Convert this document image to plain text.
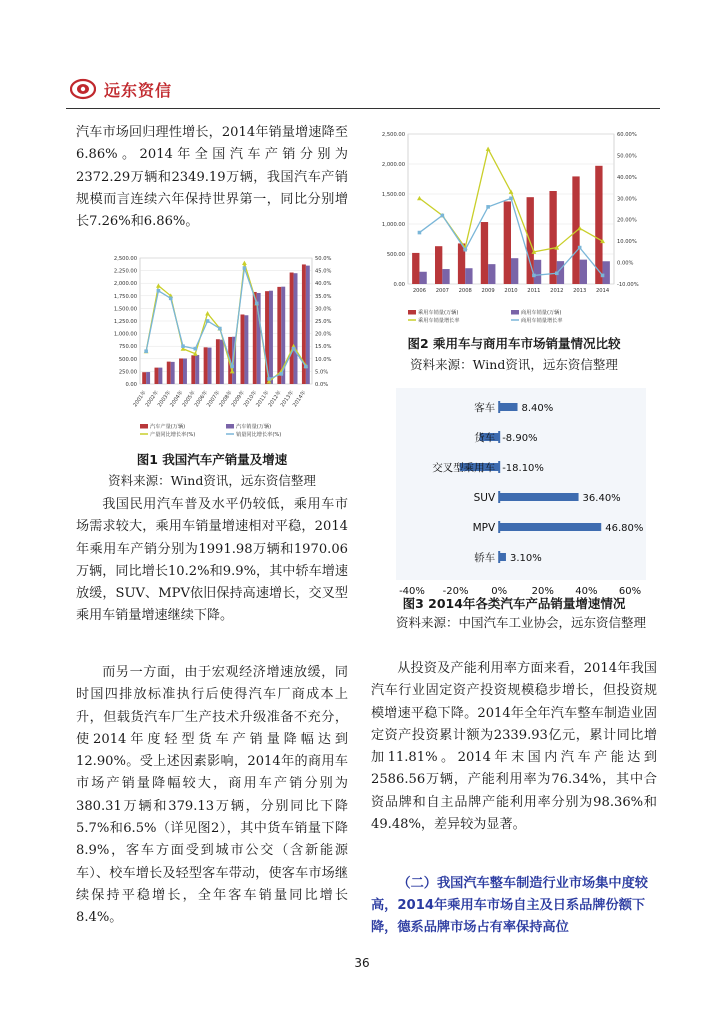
远东资信

汽车市场回归理性增长，2014年销量增速降至6.86%。2014年全国汽车产销分别为2372.29万辆和2349.19万辆，我国汽车产销规模而言连续六年保持世界第一，同比分别增长7.26%和6.86%。

0.00
250.00
500.00
750.00
1,000.00
1,250.00
1,500.00
1,750.00
2,000.00
2,250.00
2,500.00
0.0%
5.0%
10.0%
15.0%
20.0%
25.0%
30.0%
35.0%
40.0%
45.0%
50.0%
2001年
2002年
2003年
2004年
2005年
2006年
2007年
2008年
2009年
2010年
2011年
2012年
2013年
2014年
汽车产量(万辆)	汽车销量(万辆)
产量同比增长率(%)	销量同比增长率(%)
图1 我国汽车产销量及增速
资料来源：Wind资讯，远东资信整理

我国民用汽车普及水平仍较低，乘用车市场需求较大，乘用车销量增速相对平稳，2014年乘用车产销分别为1991.98万辆和1970.06万辆，同比增长10.2%和9.9%，其中轿车增速放缓，SUV、MPV依旧保持高速增长，交叉型乘用车销量增速继续下降。

而另一方面，由于宏观经济增速放缓，同时国四排放标准执行后使得汽车厂商成本上升，但载货汽车厂生产技术升级准备不充分，使2014年度轻型货车产销量降幅达到12.90%。受上述因素影响，2014年的商用车市场产销量降幅较大，商用车产销分别为380.31万辆和379.13万辆，分别同比下降5.7%和6.5%（详见图2），其中货车销量下降8.9%，客车方面受到城市公交（含新能源车）、校车增长及轻型客车带动，使客车市场继续保持平稳增长，全年客车销量同比增长8.4%。

0.00
500.00
1,000.00
1,500.00
2,000.00
2,500.00
-10.00%
0.00%
10.00%
20.00%
30.00%
40.00%
50.00%
60.00%
2006 2007 2008 2009 2010 2011 2012 2013 2014
乘用车销量(万辆)	商用车销量(万辆)
乘用车销量增长率	商用车销量增长率
图2 乘用车与商用车市场销量情况比较
资料来源：Wind资讯，远东资信整理
客车	8.40%
货车 -8.90%
交叉型乘用车 -18.10%
SUV	36.40%
MPV	46.80%
轿车 3.10%
-40% -20% 0% 20% 40% 60%
图3 2014年各类汽车产品销量增速情况
资料来源：中国汽车工业协会，远东资信整理

从投资及产能利用率方面来看，2014年我国汽车行业固定资产投资规模稳步增长，但投资规模增速平稳下降。2014年全年汽车整车制造业固定资产投资累计额为2339.93亿元，累计同比增加11.81%。2014年末国内汽车产能达到2586.56万辆，产能利用率为76.34%，其中合资品牌和自主品牌产能利用率分别为98.36%和49.48%，差异较为显著。

（二）我国汽车整车制造行业市场集中度较高，2014年乘用车市场自主及日系品牌份额下降，德系品牌市场占有率保持高位

36
